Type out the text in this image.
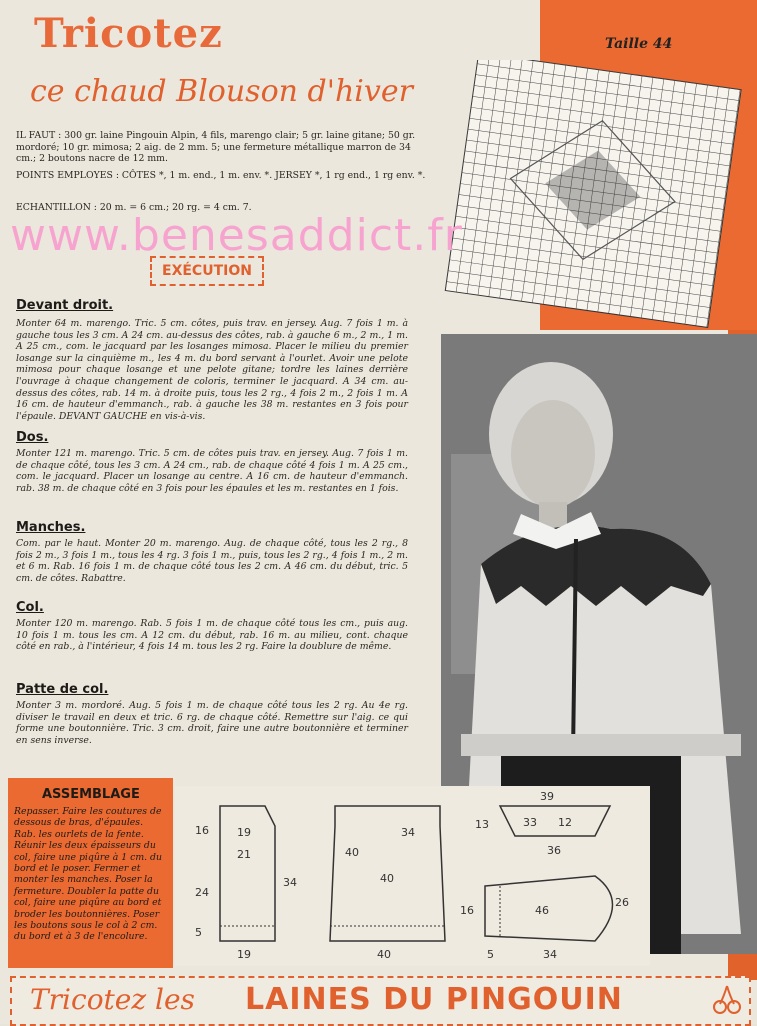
Tricotez
ce chaud Blouson d'hiver
Taille 44
IL FAUT : 300 gr. laine Pingouin Alpin, 4 fils, marengo clair; 5 gr. laine gitane; 50 gr. mordoré; 10 gr. mimosa; 2 aig. de 2 mm. 5; une fermeture métallique marron de 34 cm.; 2 boutons nacre de 12 mm.
POINTS EMPLOYES : CÔTES *, 1 m. end., 1 m. env. *. JERSEY *, 1 rg end., 1 rg env. *.
ECHANTILLON : 20 m. = 6 cm.; 20 rg. = 4 cm. 7.
EXÉCUTION
Devant droit.
Monter 64 m. marengo. Tric. 5 cm. côtes, puis trav. en jersey. Aug. 7 fois 1 m. à gauche tous les 3 cm. A 24 cm. au-dessus des côtes, rab. à gauche 6 m., 2 m., 1 m. A 25 cm., com. le jacquard par les losanges mimosa. Placer le milieu du premier losange sur la cinquième m., les 4 m. du bord servant à l'ourlet. Avoir une pelote mimosa pour chaque losange et une pelote gitane; tordre les laines derrière l'ouvrage à chaque changement de coloris, terminer le jacquard. A 34 cm. au-dessus des côtes, rab. 14 m. à droite puis, tous les 2 rg., 4 fois 2 m., 2 fois 1 m. A 16 cm. de hauteur d'emmanch., rab. à gauche les 38 m. restantes en 3 fois pour l'épaule. DEVANT GAUCHE en vis-à-vis.
Dos.
Monter 121 m. marengo. Tric. 5 cm. de côtes puis trav. en jersey. Aug. 7 fois 1 m. de chaque côté, tous les 3 cm. A 24 cm., rab. de chaque côté 4 fois 1 m. A 25 cm., com. le jacquard. Placer un losange au centre. A 16 cm. de hauteur d'emmanch. rab. 38 m. de chaque côté en 3 fois pour les épaules et les m. restantes en 1 fois.
Manches.
Com. par le haut. Monter 20 m. marengo. Aug. de chaque côté, tous les 2 rg., 8 fois 2 m., 3 fois 1 m., tous les 4 rg. 3 fois 1 m., puis, tous les 2 rg., 4 fois 1 m., 2 m. et 6 m. Rab. 16 fois 1 m. de chaque côté tous les 2 cm. A 46 cm. du début, tric. 5 cm. de côtes. Rabattre.
Col.
Monter 120 m. marengo. Rab. 5 fois 1 m. de chaque côté tous les cm., puis aug. 10 fois 1 m. tous les cm. A 12 cm. du début, rab. 16 m. au milieu, cont. chaque côté en rab., à l'intérieur, 4 fois 14 m. tous les 2 rg. Faire la doublure de même.
Patte de col.
Monter 3 m. mordoré. Aug. 5 fois 1 m. de chaque côté tous les 2 rg. Au 4e rg. diviser le travail en deux et tric. 6 rg. de chaque côté. Remettre sur l'aig. ce qui forme une boutonnière. Tric. 3 cm. droit, faire une autre boutonnière et terminer en sens inverse.
ASSEMBLAGE
Repasser. Faire les coutures de dessous de bras, d'épaules. Rab. les ourlets de la fente. Réunir les deux épaisseurs du col, faire une piqûre à 1 cm. du bord et le poser. Fermer et monter les manches. Poser la fermeture. Doubler la patte du col, faire une piqûre au bord et broder les boutonnières. Poser les boutons sous le col à 2 cm. du bord et à 3 de l'encolure.
19
21
34
16
24
5
19
34
40
40
40
39
33 12
36
13
46
16
26
5	34
www.benesaddict.fr
Tricotez les LAINES DU PINGOUIN
